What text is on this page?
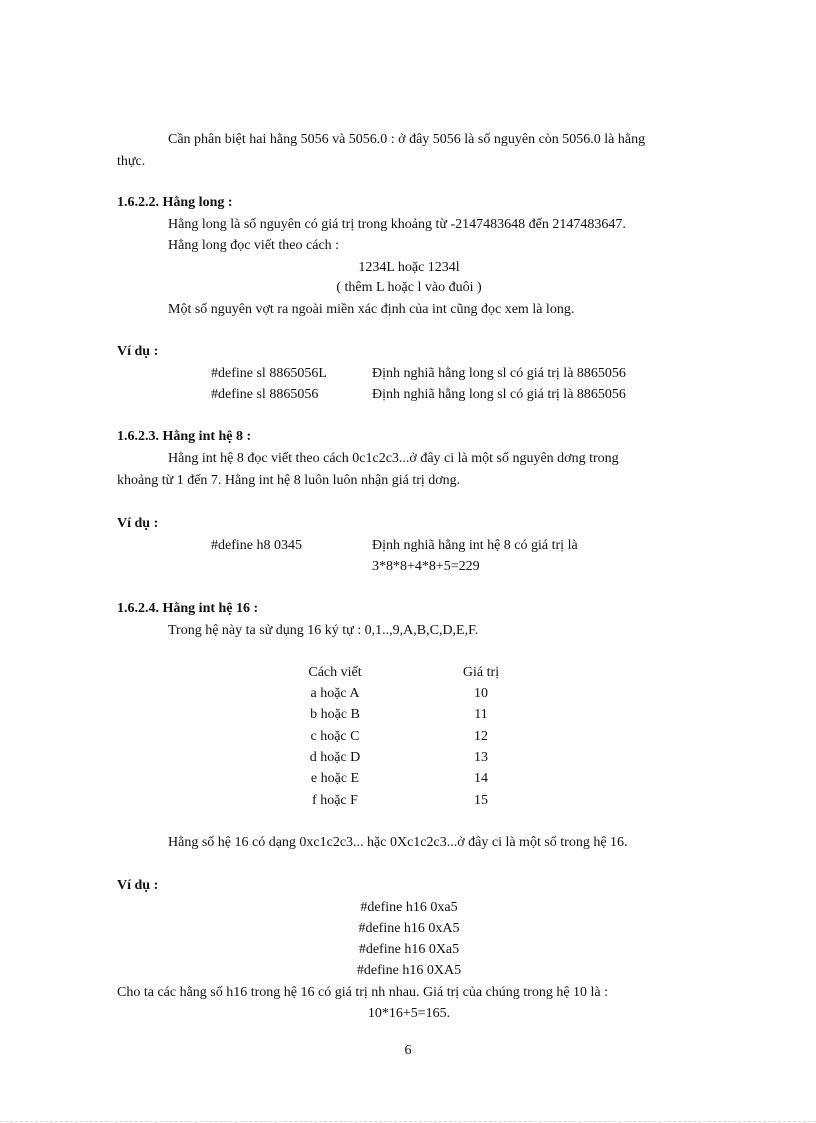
Cần phân biệt hai hằng 5056 và 5056.0 : ở đây 5056 là số nguyên còn 5056.0 là hằng
thực.
1.6.2.2. Hằng long :
Hằng long là số nguyên có giá trị trong khoảng từ -2147483648 đến 2147483647.
Hằng long đọc viết theo cách :
1234L hoặc 1234l
( thêm L hoặc l vào đuôi )
Một số nguyên vợt ra ngoài miền xác định của int cũng đọc xem là long.
Ví dụ :
#define sl 8865056L	Định nghiã hằng long sl có giá trị là 8865056
#define sl 8865056	Định nghiã hằng long sl có giá trị là 8865056
1.6.2.3. Hằng int hệ 8 :
Hằng int hệ 8 đọc viết theo cách 0c1c2c3...ở đây ci là một số nguyên dơng trong
khoảng từ 1 đến 7. Hằng int hệ 8 luôn luôn nhận giá trị dơng.
Ví dụ :
#define h8 0345	Định nghiã hằng int hệ 8 có giá trị là
3*8*8+4*8+5=229
1.6.2.4. Hằng int hệ 16 :
Trong hệ này ta sử dụng 16 ký tự : 0,1..,9,A,B,C,D,E,F.
Cách viết	Giá trị
a hoặc A	10
b hoặc B	11
c hoặc C	12
d hoặc D	13
e hoặc E	14
f hoặc F	15
Hằng số hệ 16 có dạng 0xc1c2c3... hặc 0Xc1c2c3...ở đây ci là một số trong hệ 16.
Ví dụ :
#define h16 0xa5
#define h16 0xA5
#define h16 0Xa5
#define h16 0XA5
Cho ta các hằng số h16 trong hệ 16 có giá trị nh nhau. Giá trị của chúng trong hệ 10 là :
10*16+5=165.
6
